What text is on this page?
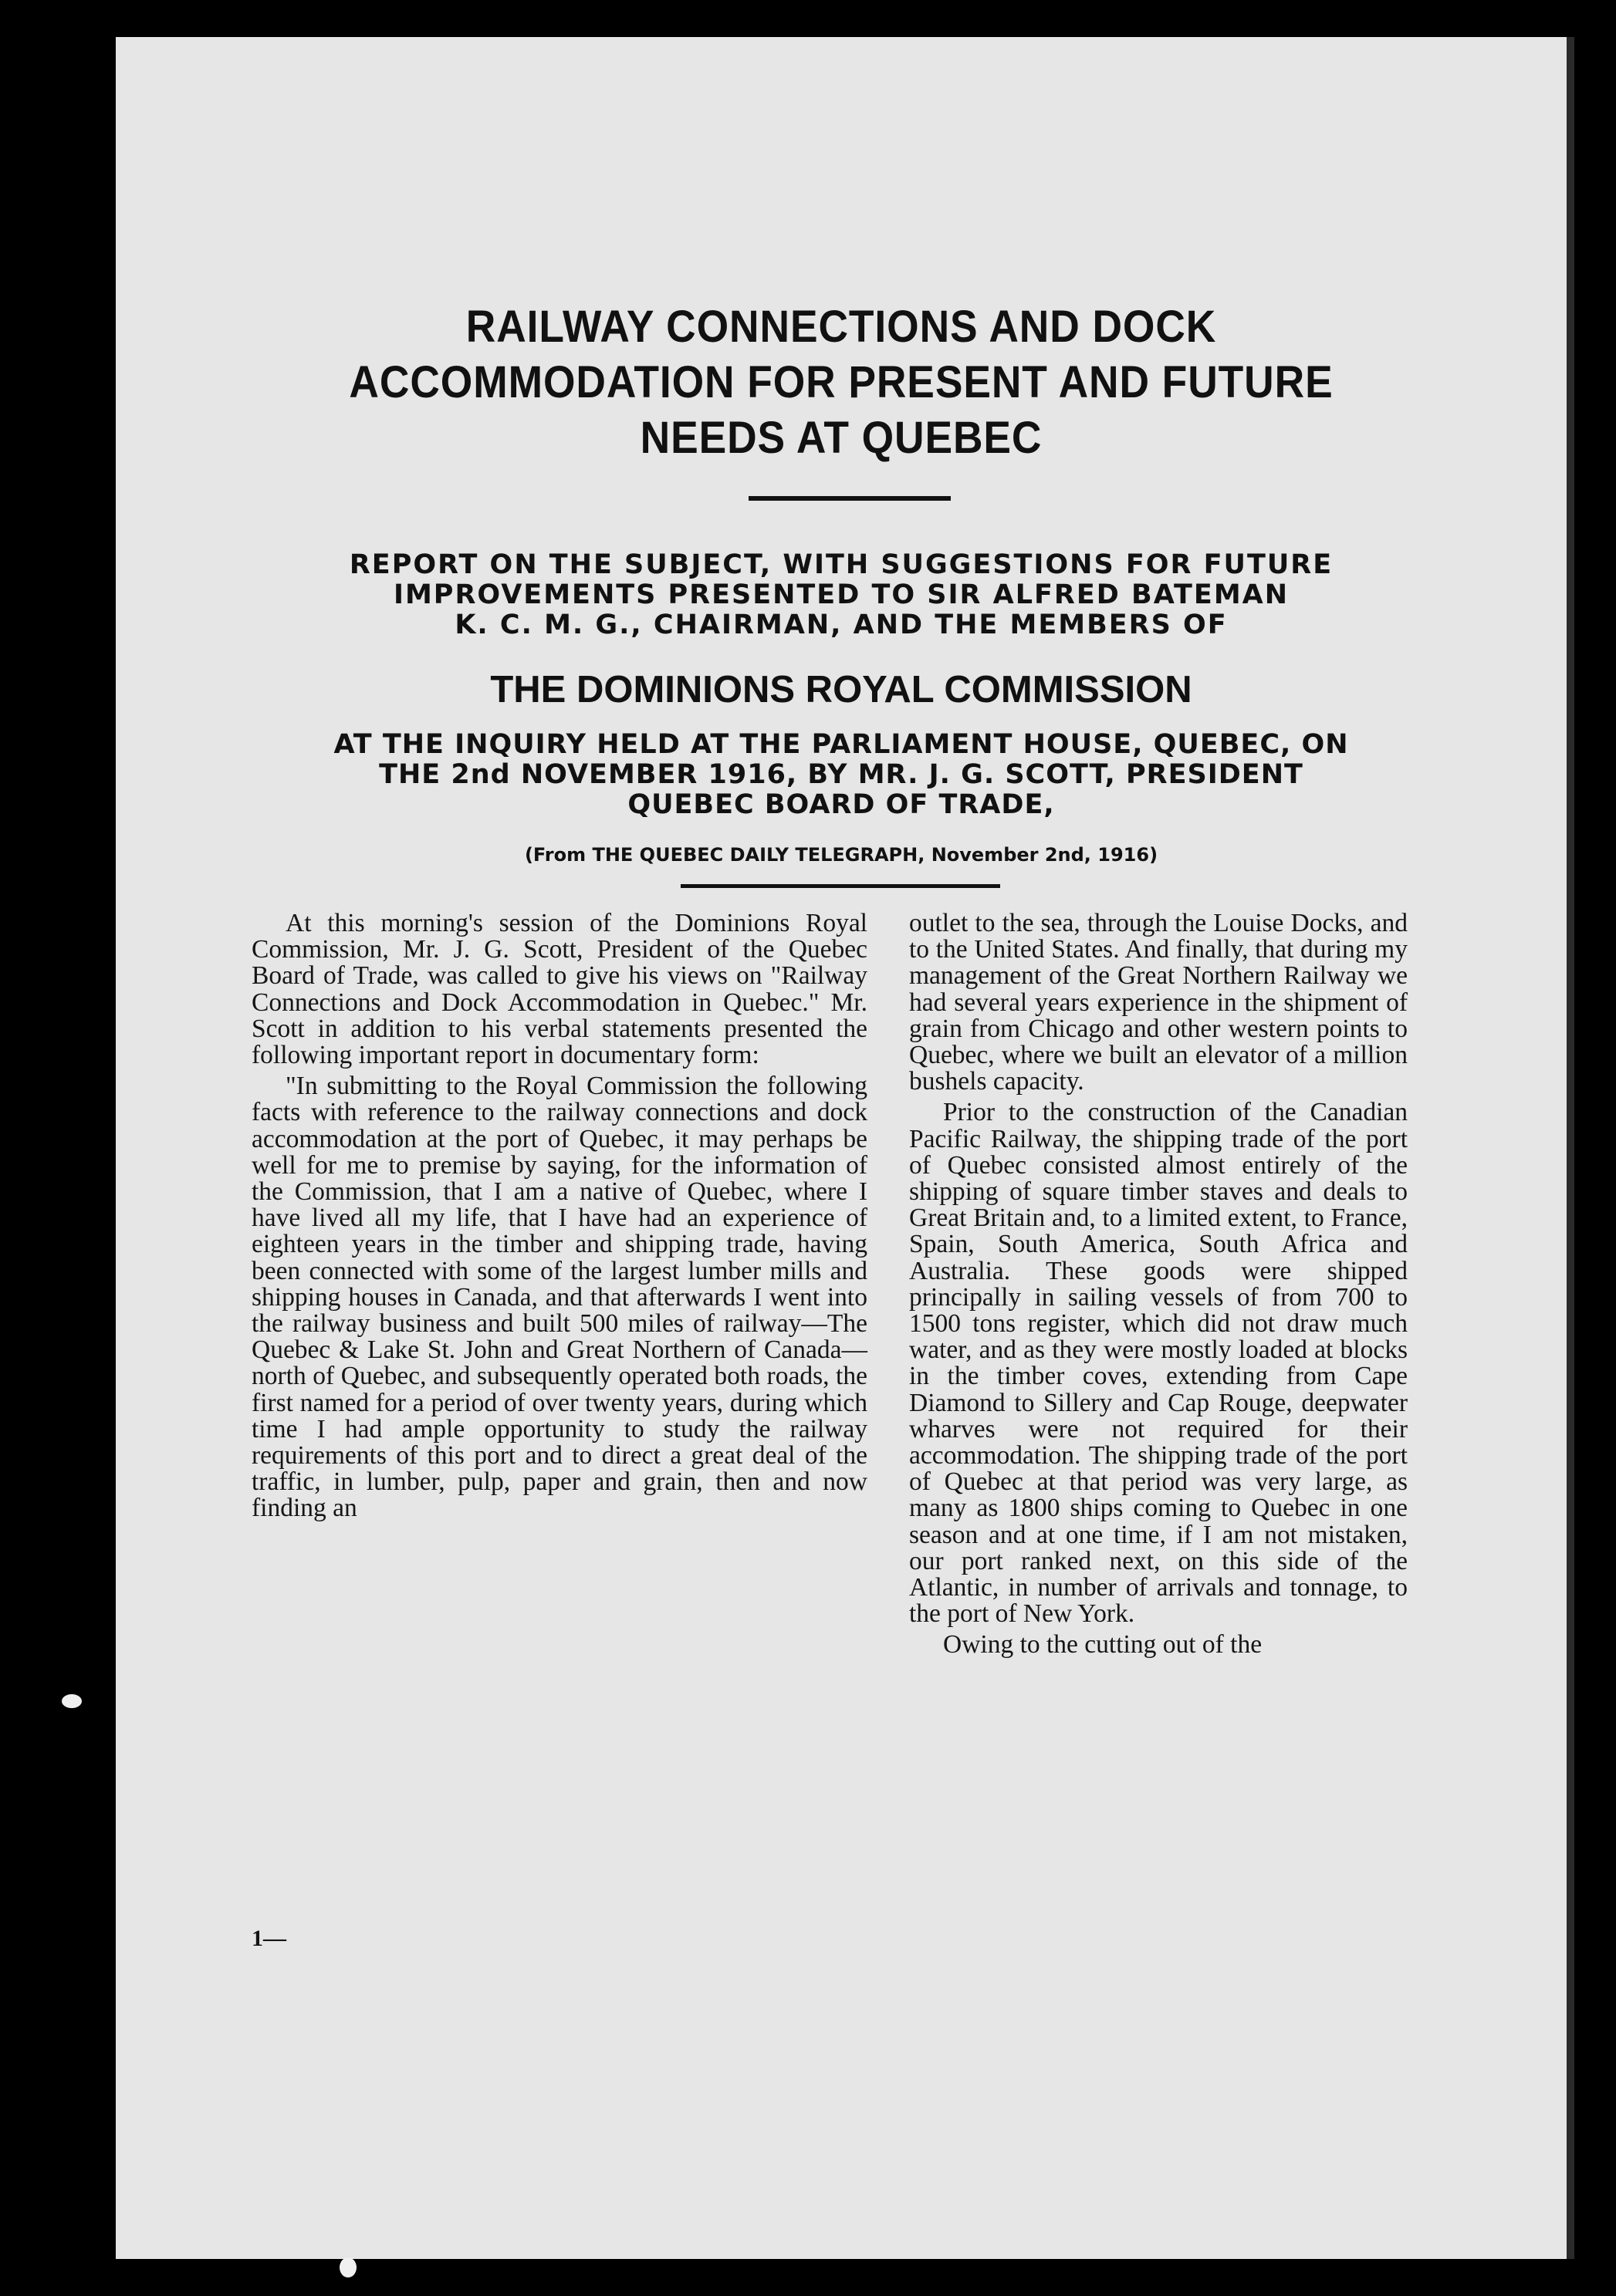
RAILWAY CONNECTIONS AND DOCK
ACCOMMODATION FOR PRESENT AND FUTURE
NEEDS AT QUEBEC
REPORT ON THE SUBJECT, WITH SUGGESTIONS FOR FUTURE
IMPROVEMENTS PRESENTED TO SIR ALFRED BATEMAN
K. C. M. G., CHAIRMAN, AND THE MEMBERS OF
THE DOMINIONS ROYAL COMMISSION
AT THE INQUIRY HELD AT THE PARLIAMENT HOUSE, QUEBEC, ON
THE 2nd NOVEMBER 1916, BY MR. J. G. SCOTT, PRESIDENT
QUEBEC BOARD OF TRADE,
(From THE QUEBEC DAILY TELEGRAPH, November 2nd, 1916)

At this morning's session of the Dominions Royal Commission, Mr. J. G. Scott, President of the Quebec Board of Trade, was called to give his views on "Railway Connections and Dock Accommodation in Quebec." Mr. Scott in addition to his verbal statements presented the following important report in documentary form:

"In submitting to the Royal Commission the following facts with reference to the railway connections and dock accommodation at the port of Quebec, it may perhaps be well for me to premise by saying, for the information of the Commission, that I am a native of Quebec, where I have lived all my life, that I have had an experience of eighteen years in the timber and shipping trade, having been connected with some of the largest lumber mills and shipping houses in Canada, and that afterwards I went into the railway business and built 500 miles of railway—The Quebec & Lake St. John and Great Northern of Canada—north of Quebec, and subsequently operated both roads, the first named for a period of over twenty years, during which time I had ample opportunity to study the railway requirements of this port and to direct a great deal of the traffic, in lumber, pulp, paper and grain, then and now finding an

outlet to the sea, through the Louise Docks, and to the United States. And finally, that during my management of the Great Northern Railway we had several years experience in the shipment of grain from Chicago and other western points to Quebec, where we built an elevator of a million bushels capacity.

Prior to the construction of the Canadian Pacific Railway, the shipping trade of the port of Quebec consisted almost entirely of the shipping of square timber staves and deals to Great Britain and, to a limited extent, to France, Spain, South America, South Africa and Australia. These goods were shipped principally in sailing vessels of from 700 to 1500 tons register, which did not draw much water, and as they were mostly loaded at blocks in the timber coves, extending from Cape Diamond to Sillery and Cap Rouge, deepwater wharves were not required for their accommodation. The shipping trade of the port of Quebec at that period was very large, as many as 1800 ships coming to Quebec in one season and at one time, if I am not mistaken, our port ranked next, on this side of the Atlantic, in number of arrivals and tonnage, to the port of New York.

Owing to the cutting out of the

1—
